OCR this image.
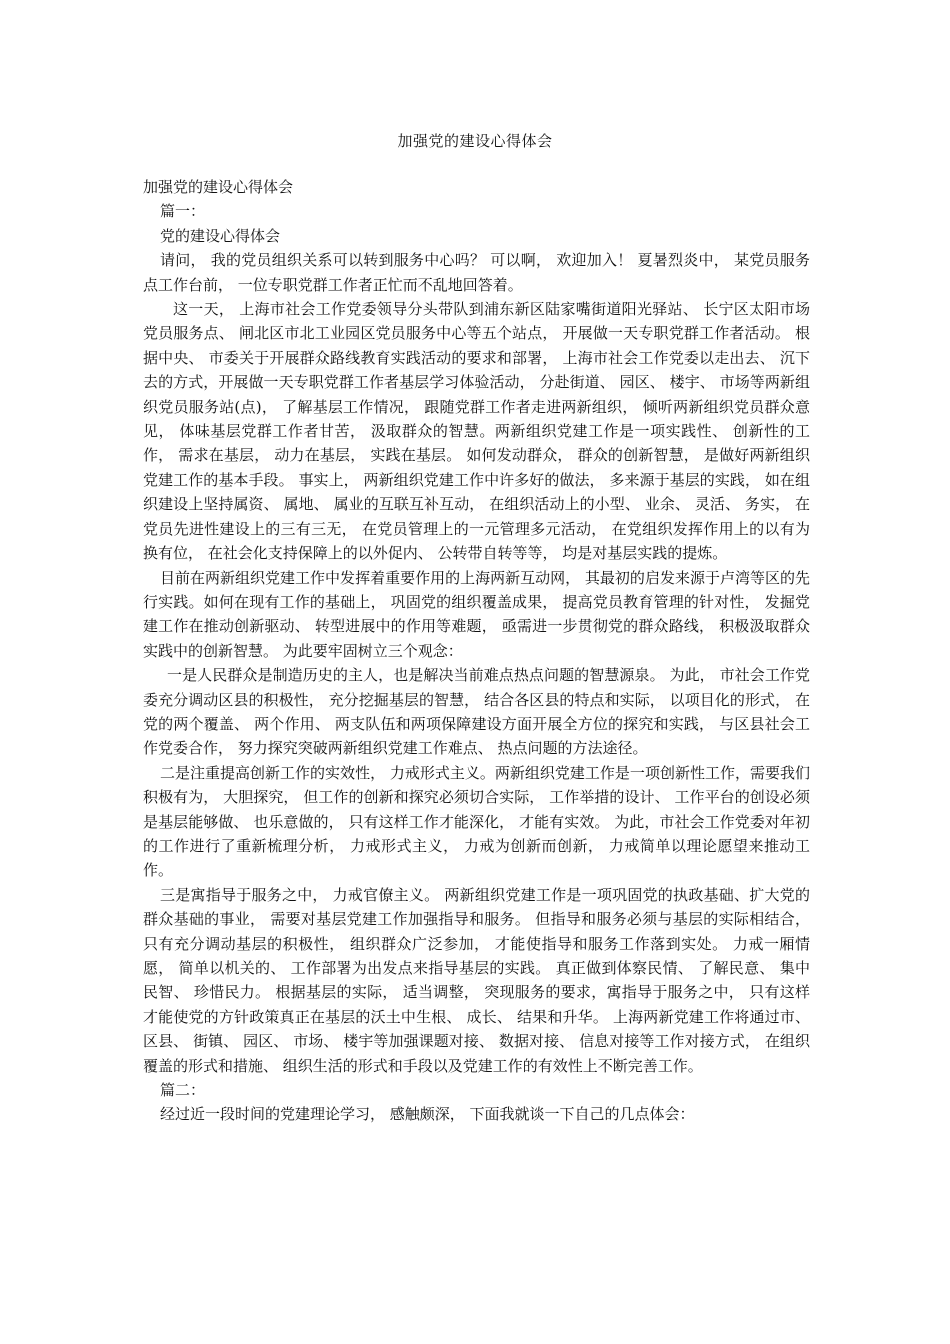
加强党的建设心得体会

加强党的建设心得体会

篇一：

党的建设心得体会

请问， 我的党员组织关系可以转到服务中心吗？ 可以啊， 欢迎加入！ 夏暑烈炎中， 某党员服务点工作台前， 一位专职党群工作者正忙而不乱地回答着。

这一天， 上海市社会工作党委领导分头带队到浦东新区陆家嘴街道阳光驿站、 长宁区太阳市场党员服务点、 闸北区市北工业园区党员服务中心等五个站点， 开展做一天专职党群工作者活动。 根据中央、 市委关于开展群众路线教育实践活动的要求和部署， 上海市社会工作党委以走出去、 沉下去的方式，开展做一天专职党群工作者基层学习体验活动， 分赴街道、 园区、 楼宇、 市场等两新组织党员服务站(点)， 了解基层工作情况， 跟随党群工作者走进两新组织， 倾听两新组织党员群众意见， 体味基层党群工作者甘苦， 汲取群众的智慧。两新组织党建工作是一项实践性、 创新性的工作， 需求在基层， 动力在基层， 实践在基层。 如何发动群众， 群众的创新智慧， 是做好两新组织党建工作的基本手段。 事实上， 两新组织党建工作中许多好的做法， 多来源于基层的实践， 如在组织建设上坚持属资、 属地、 属业的互联互补互动， 在组织活动上的小型、 业余、 灵活、 务实， 在党员先进性建设上的三有三无， 在党员管理上的一元管理多元活动， 在党组织发挥作用上的以有为换有位， 在社会化支持保障上的以外促内、 公转带自转等等， 均是对基层实践的提炼。

目前在两新组织党建工作中发挥着重要作用的上海两新互动网， 其最初的启发来源于卢湾等区的先行实践。如何在现有工作的基础上， 巩固党的组织覆盖成果， 提高党员教育管理的针对性， 发掘党建工作在推动创新驱动、 转型进展中的作用等难题， 亟需进一步贯彻党的群众路线， 积极汲取群众实践中的创新智慧。 为此要牢固树立三个观念：

一是人民群众是制造历史的主人，也是解决当前难点热点问题的智慧源泉。 为此， 市社会工作党委充分调动区县的积极性， 充分挖掘基层的智慧， 结合各区县的特点和实际， 以项目化的形式， 在党的两个覆盖、 两个作用、 两支队伍和两项保障建设方面开展全方位的探究和实践， 与区县社会工作党委合作， 努力探究突破两新组织党建工作难点、 热点问题的方法途径。

二是注重提高创新工作的实效性， 力戒形式主义。两新组织党建工作是一项创新性工作，需要我们积极有为， 大胆探究， 但工作的创新和探究必须切合实际， 工作举措的设计、 工作平台的创设必须是基层能够做、 也乐意做的， 只有这样工作才能深化， 才能有实效。 为此，市社会工作党委对年初的工作进行了重新梳理分析， 力戒形式主义， 力戒为创新而创新， 力戒简单以理论愿望来推动工作。

三是寓指导于服务之中， 力戒官僚主义。 两新组织党建工作是一项巩固党的执政基础、扩大党的群众基础的事业， 需要对基层党建工作加强指导和服务。 但指导和服务必须与基层的实际相结合， 只有充分调动基层的积极性， 组织群众广泛参加， 才能使指导和服务工作落到实处。 力戒一厢情愿， 简单以机关的、 工作部署为出发点来指导基层的实践。 真正做到体察民情、 了解民意、 集中民智、 珍惜民力。 根据基层的实际， 适当调整， 突现服务的要求，寓指导于服务之中， 只有这样才能使党的方针政策真正在基层的沃土中生根、 成长、 结果和升华。 上海两新党建工作将通过市、 区县、 街镇、 园区、 市场、 楼宇等加强课题对接、 数据对接、 信息对接等工作对接方式， 在组织覆盖的形式和措施、 组织生活的形式和手段以及党建工作的有效性上不断完善工作。

篇二：

经过近一段时间的党建理论学习， 感触颇深， 下面我就谈一下自己的几点体会：
